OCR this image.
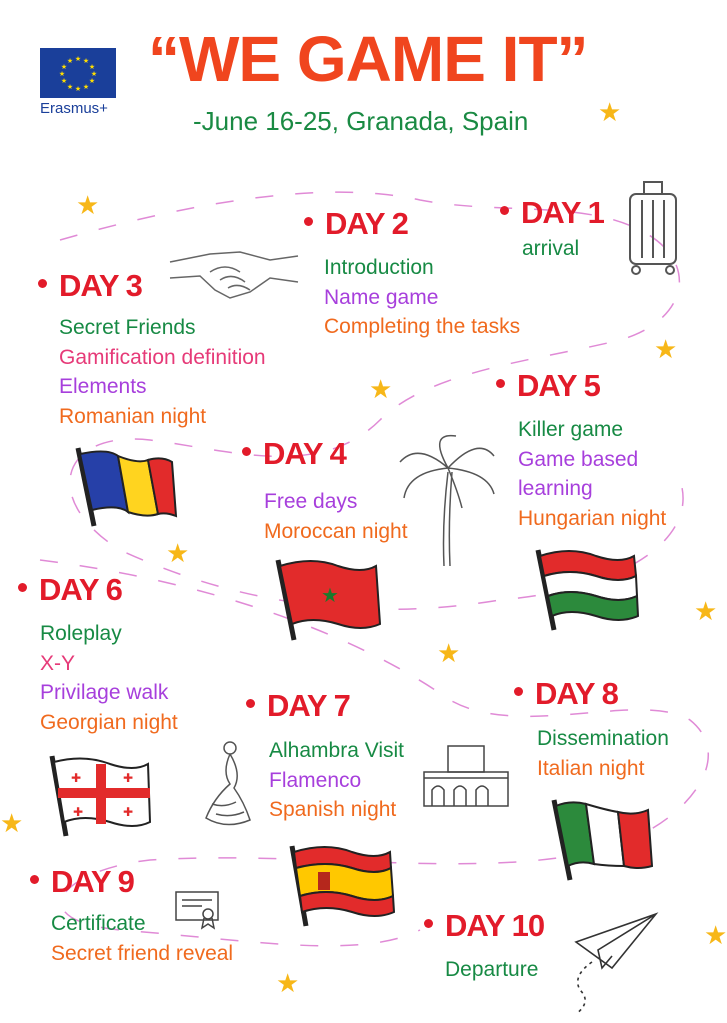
★ ★
★
★
★
★
★
★
★
★
★
★
Erasmus+
“WE GAME IT”
-June 16-25, Granada, Spain	★
★
★
★
★
★
★
★
★
★
DAY 1
arrival
DAY 2
Introduction
Name game
Completing the tasks
DAY 3
Secret Friends
Gamification definition
Elements
Romanian night
DAY 4
Free days
Moroccan night
★
DAY 5
Killer game
Game based
learning
Hungarian night
DAY 6
Roleplay
X-Y
Privilage walk
Georgian night
✚	✚
✚	✚
DAY 7
Alhambra Visit
Flamenco
Spanish night
DAY 8
Dissemination
Italian night
DAY 9
Certificate
Secret friend reveal
DAY 10
Departure
